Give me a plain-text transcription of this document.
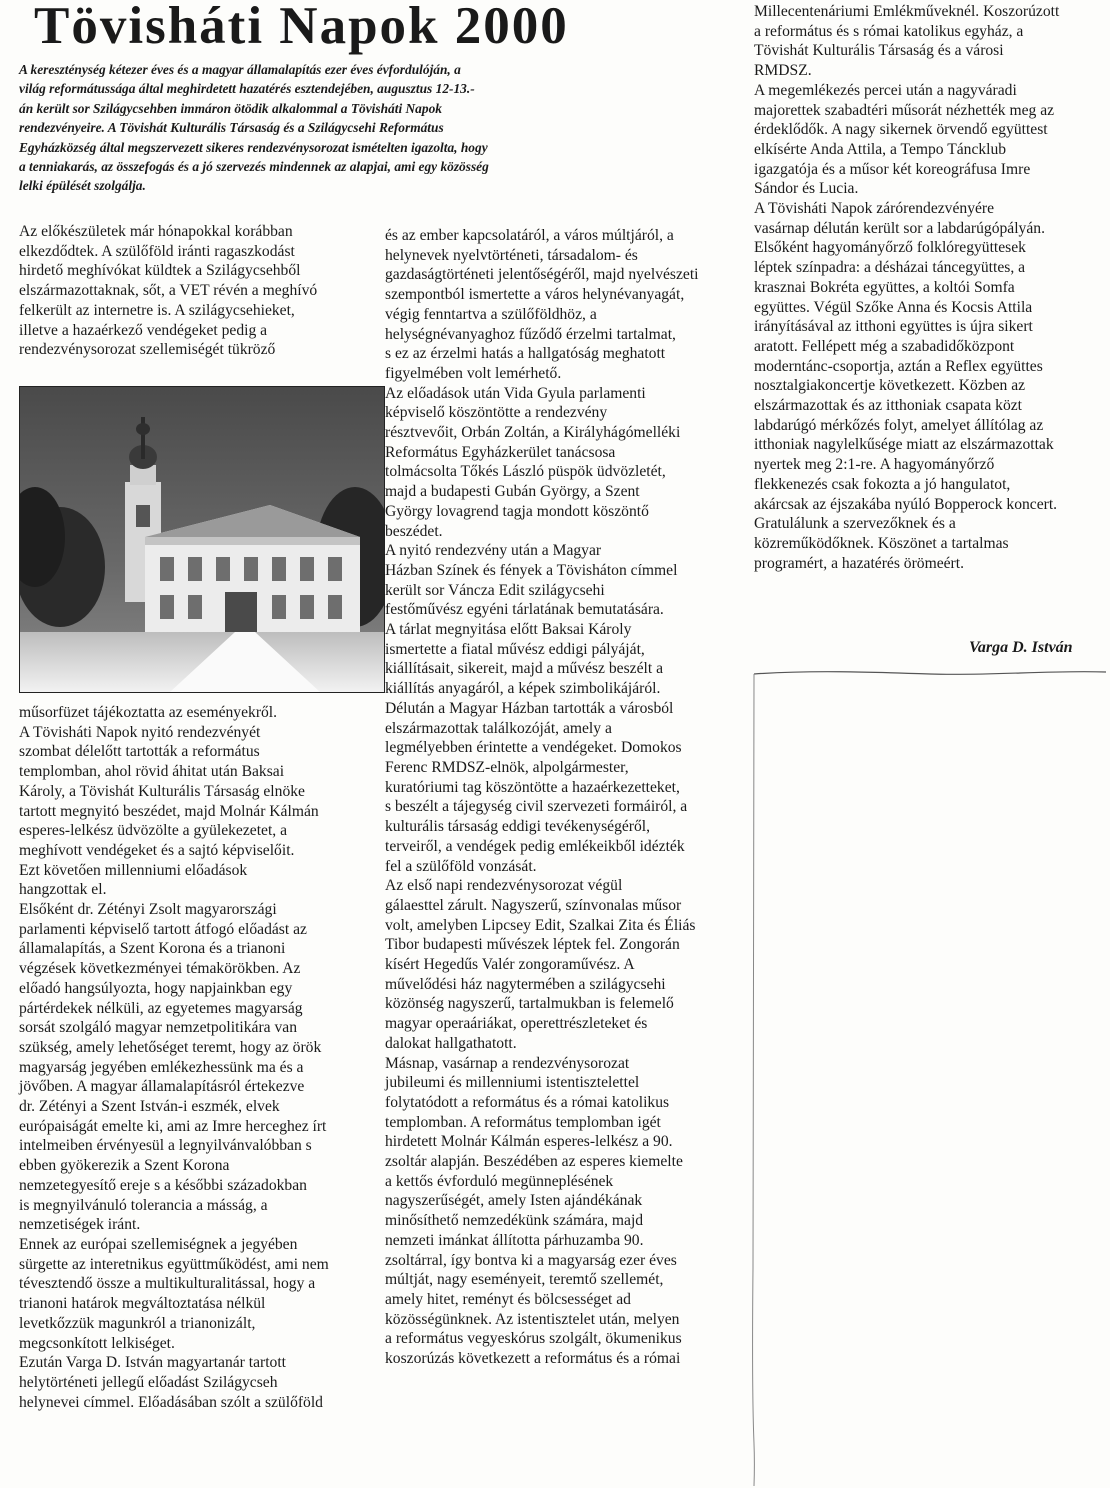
Tövisháti Napok 2000

A kereszténység kétezer éves és a magyar államalapítás ezer éves évfordulóján, a
világ reformátussága által meghirdetett hazatérés esztendejében, augusztus 12-13.-
án került sor Szilágycsehben immáron ötödik alkalommal a Tövisháti Napok
rendezvényeire. A Tövishát Kulturális Társaság és a Szilágycsehi Református
Egyházközség által megszervezett sikeres rendezvénysorozat ismételten igazolta, hogy
a tenniakarás, az összefogás és a jó szervezés mindennek az alapjai, ami egy közösség
lelki épülését szolgálja.

Az előkészületek már hónapokkal korábban
elkezdődtek. A szülőföld iránti ragaszkodást
hirdető meghívókat küldtek a Szilágycsehből
elszármazottaknak, sőt, a VET révén a meghívó
felkerült az internetre is. A szilágycsehieket,
illetve a hazaérkező vendégeket pedig a
rendezvénysorozat szellemiségét tükröző

műsorfüzet tájékoztatta az eseményekről.
A Tövisháti Napok nyitó rendezvényét
szombat délelőtt tartották a református
templomban, ahol rövid áhitat után Baksai
Károly, a Tövishát Kulturális Társaság elnöke
tartott megnyitó beszédet, majd Molnár Kálmán
esperes-lelkész üdvözölte a gyülekezetet, a
meghívott vendégeket és a sajtó képviselőit.
Ezt követően millenniumi előadások
hangzottak el.
Elsőként dr. Zétényi Zsolt magyarországi
parlamenti képviselő tartott átfogó előadást az
államalapítás, a Szent Korona és a trianoni
végzések következményei témakörökben. Az
előadó hangsúlyozta, hogy napjainkban egy
pártérdekek nélküli, az egyetemes magyarság
sorsát szolgáló magyar nemzetpolitikára van
szükség, amely lehetőséget teremt, hogy az örök
magyarság jegyében emlékezhessünk ma és a
jövőben. A magyar államalapításról értekezve
dr. Zétényi a Szent István-i eszmék, elvek
európaiságát emelte ki, ami az Imre herceghez írt
intelmeiben érvényesül a legnyilvánvalóbban s
ebben gyökerezik a Szent Korona
nemzetegyesítő ereje s a későbbi századokban
is megnyilvánuló tolerancia a másság, a
nemzetiségek iránt.
Ennek az európai szellemiségnek a jegyében
sürgette az interetnikus együttműködést, ami nem
tévesztendő össze a multikulturalitással, hogy a
trianoni határok megváltoztatása nélkül
levetkőzzük magunkról a trianonizált,
megcsonkított lelkiséget.
Ezután Varga D. István magyartanár tartott
helytörténeti jellegű előadást Szilágycseh
helynevei címmel. Előadásában szólt a szülőföld

és az ember kapcsolatáról, a város múltjáról, a
helynevek nyelvtörténeti, társadalom- és
gazdaságtörténeti jelentőségéről, majd nyelvészeti
szempontból ismertette a város helynévanyagát,
végig fenntartva a szülőföldhöz, a
helységnévanyaghoz fűződő érzelmi tartalmat,
s ez az érzelmi hatás a hallgatóság meghatott
figyelmében volt lemérhető.
Az előadások után Vida Gyula parlamenti
képviselő köszöntötte a rendezvény
résztvevőit, Orbán Zoltán, a Királyhágómelléki
Református Egyházkerület tanácsosa
tolmácsolta Tőkés László püspök üdvözletét,
majd a budapesti Gubán György, a Szent
György lovagrend tagja mondott köszöntő
beszédet.
A nyitó rendezvény után a Magyar
Házban Színek és fények a Tövisháton címmel
került sor Váncza Edit szilágycsehi
festőművész egyéni tárlatának bemutatására.
A tárlat megnyitása előtt Baksai Károly
ismertette a fiatal művész eddigi pályáját,
kiállításait, sikereit, majd a művész beszélt a
kiállítás anyagáról, a képek szimbolikájáról.
Délután a Magyar Házban tartották a városból
elszármazottak találkozóját, amely a
legmélyebben érintette a vendégeket. Domokos
Ferenc RMDSZ-elnök, alpolgármester,
kuratóriumi tag köszöntötte a hazaérkezetteket,
s beszélt a tájegység civil szervezeti formáiról, a
kulturális társaság eddigi tevékenységéről,
terveiről, a vendégek pedig emlékeikből idézték
fel a szülőföld vonzását.
Az első napi rendezvénysorozat végül
gálaesttel zárult. Nagyszerű, színvonalas műsor
volt, amelyben Lipcsey Edit, Szalkai Zita és Éliás
Tibor budapesti művészek léptek fel. Zongorán
kísért Hegedűs Valér zongoraművész. A
művelődési ház nagytermében a szilágycsehi
közönség nagyszerű, tartalmukban is felemelő
magyar operaáriákat, operettrészleteket és
dalokat hallgathatott.
Másnap, vasárnap a rendezvénysorozat
jubileumi és millenniumi istentisztelettel
folytatódott a református és a római katolikus
templomban. A református templomban igét
hirdetett Molnár Kálmán esperes-lelkész a 90.
zsoltár alapján. Beszédében az esperes kiemelte
a kettős évforduló megünneplésének
nagyszerűségét, amely Isten ajándékának
minősíthető nemzedékünk számára, majd
nemzeti imánkat állította párhuzamba 90.
zsoltárral, így bontva ki a magyarság ezer éves
múltját, nagy eseményeit, teremtő szellemét,
amely hitet, reményt és bölcsességet ad
közösségünknek. Az istentisztelet után, melyen
a református vegyeskórus szolgált, ökumenikus
koszorúzás következett a református és a római

Millecentenáriumi Emlékműveknél. Koszorúzott
a református és s római katolikus egyház, a
Tövishát Kulturális Társaság és a városi
RMDSZ.
A megemlékezés percei után a nagyváradi
majorettek szabadtéri műsorát nézhették meg az
érdeklődők. A nagy sikernek örvendő együttest
elkísérte Anda Attila, a Tempo Táncklub
igazgatója és a műsor két koreográfusa Imre
Sándor és Lucia.
A Tövisháti Napok zárórendezvényére
vasárnap délután került sor a labdarúgópályán.
Elsőként hagyományőrző folklóregyüttesek
léptek színpadra: a désházai táncegyüttes, a
krasznai Bokréta együttes, a koltói Somfa
együttes. Végül Szőke Anna és Kocsis Attila
irányításával az itthoni együttes is újra sikert
aratott. Fellépett még a szabadidőközpont
moderntánc-csoportja, aztán a Reflex együttes
nosztalgiakoncertje következett. Közben az
elszármazottak és az itthoniak csapata közt
labdarúgó mérkőzés folyt, amelyet állítólag az
itthoniak nagylelkűsége miatt az elszármazottak
nyertek meg 2:1-re. A hagyományőrző
flekkenezés csak fokozta a jó hangulatot,
akárcsak az éjszakába nyúló Bopperock koncert.
Gratulálunk a szervezőknek és a
közreműködőknek. Köszönet a tartalmas
programért, a hazatérés örömeért.

Varga D. István
